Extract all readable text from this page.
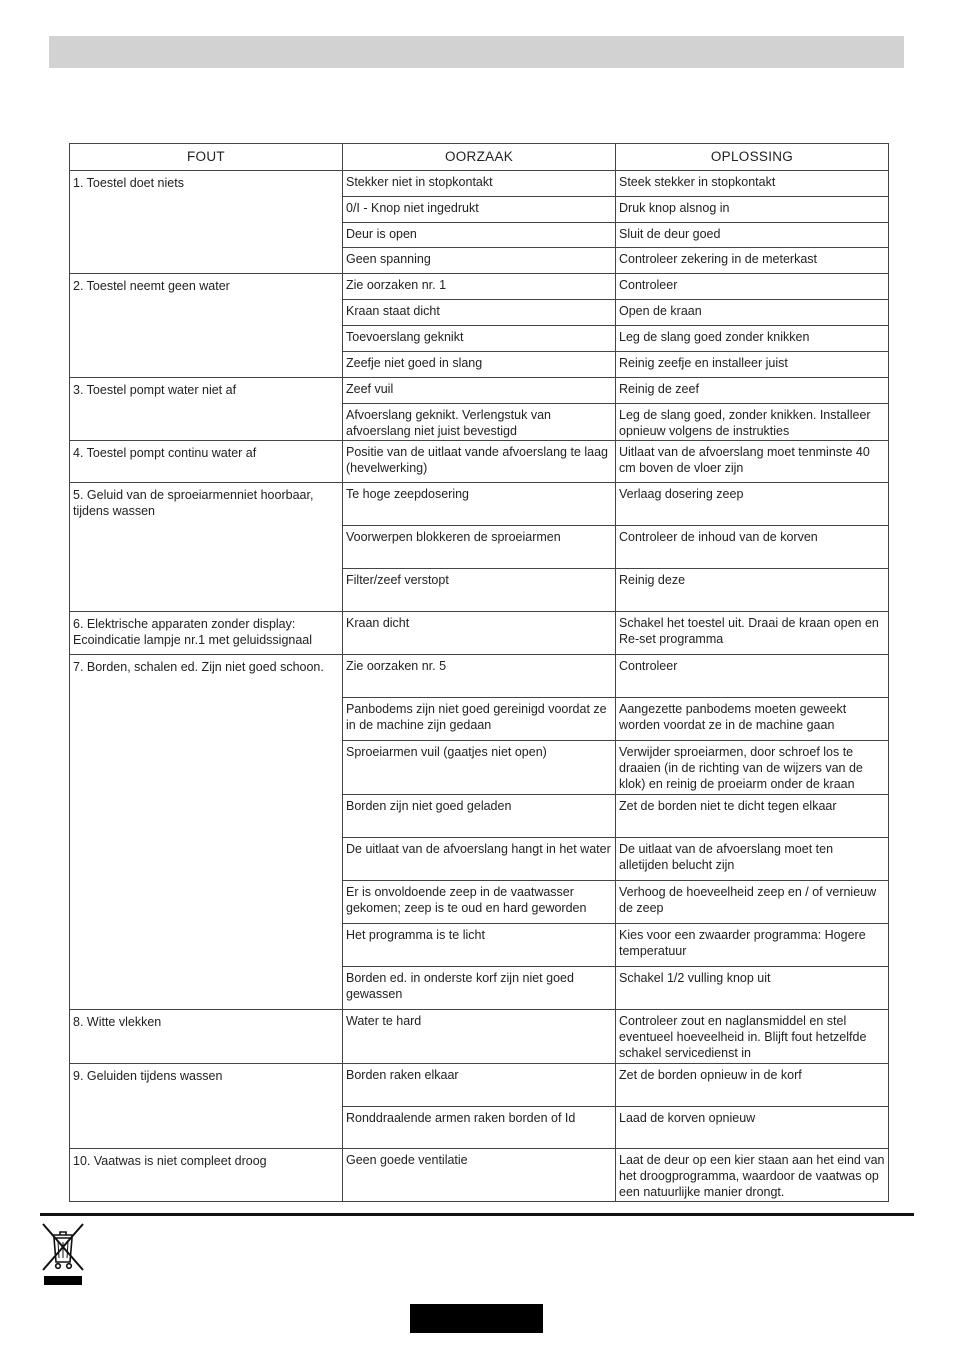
FOUT	OORZAAK	OPLOSSING
1. Toestel doet niets	Stekker niet in stopkontakt	Steek stekker in stopkontakt
	0/I - Knop niet ingedrukt	Druk knop alsnog in
	Deur is open	Sluit de deur goed
	Geen spanning	Controleer zekering in de meterkast
2. Toestel neemt geen water	Zie oorzaken nr. 1	Controleer
	Kraan staat dicht	Open de kraan
	Toevoerslang geknikt	Leg de slang goed zonder knikken
	Zeefje niet goed in slang	Reinig zeefje en installeer juist
3. Toestel pompt water niet af	Zeef vuil	Reinig de zeef
	Afvoerslang geknikt. Verlengstuk van afvoerslang niet juist bevestigd	Leg de slang goed, zonder knikken. Installeer opnieuw volgens de instrukties
4. Toestel pompt continu water af	Positie van de uitlaat vande afvoerslang te laag (hevelwerking)	Uitlaat van de afvoerslang moet tenminste 40 cm boven de vloer zijn
5. Geluid van de sproeiarmenniet hoorbaar, tijdens wassen	Te hoge zeepdosering	Verlaag dosering zeep
	Voorwerpen blokkeren de sproeiarmen	Controleer de inhoud van de korven
	Filter/zeef verstopt	Reinig deze
6. Elektrische apparaten zonder display: Ecoindicatie lampje nr.1 met geluidssignaal	Kraan dicht	Schakel het toestel uit. Draai de kraan open en Re-set programma
7. Borden, schalen ed. Zijn niet goed schoon.	Zie oorzaken nr. 5	Controleer
	Panbodems zijn niet goed gereinigd voordat ze in de machine zijn gedaan	Aangezette panbodems moeten geweekt worden voordat ze in de machine gaan
	Sproeiarmen vuil (gaatjes niet open)	Verwijder sproeiarmen, door schroef los te draaien (in de richting van de wijzers van de klok) en reinig de proeiarm onder de kraan
	Borden zijn niet goed geladen	Zet de borden niet te dicht tegen elkaar
	De uitlaat van de afvoerslang hangt in het water	De uitlaat van de afvoerslang moet ten alletijden belucht zijn
	Er is onvoldoende zeep in de vaatwasser gekomen; zeep is te oud en hard geworden	Verhoog de hoeveelheid zeep en / of vernieuw de zeep
	Het programma is te licht	Kies voor een zwaarder programma: Hogere temperatuur
	Borden ed. in onderste korf zijn niet goed gewassen	Schakel 1/2 vulling knop uit
8. Witte vlekken	Water te hard	Controleer zout en naglansmiddel en stel eventueel hoeveelheid in. Blijft fout hetzelfde schakel servicedienst in
9. Geluiden tijdens wassen	Borden raken elkaar	Zet de borden opnieuw in de korf
	Ronddraalende armen raken borden of Id	Laad de korven opnieuw
10. Vaatwas is niet compleet droog	Geen goede ventilatie	Laat de deur op een kier staan aan het eind van het droogprogramma, waardoor de vaatwas op een natuurlijke manier drongt.
